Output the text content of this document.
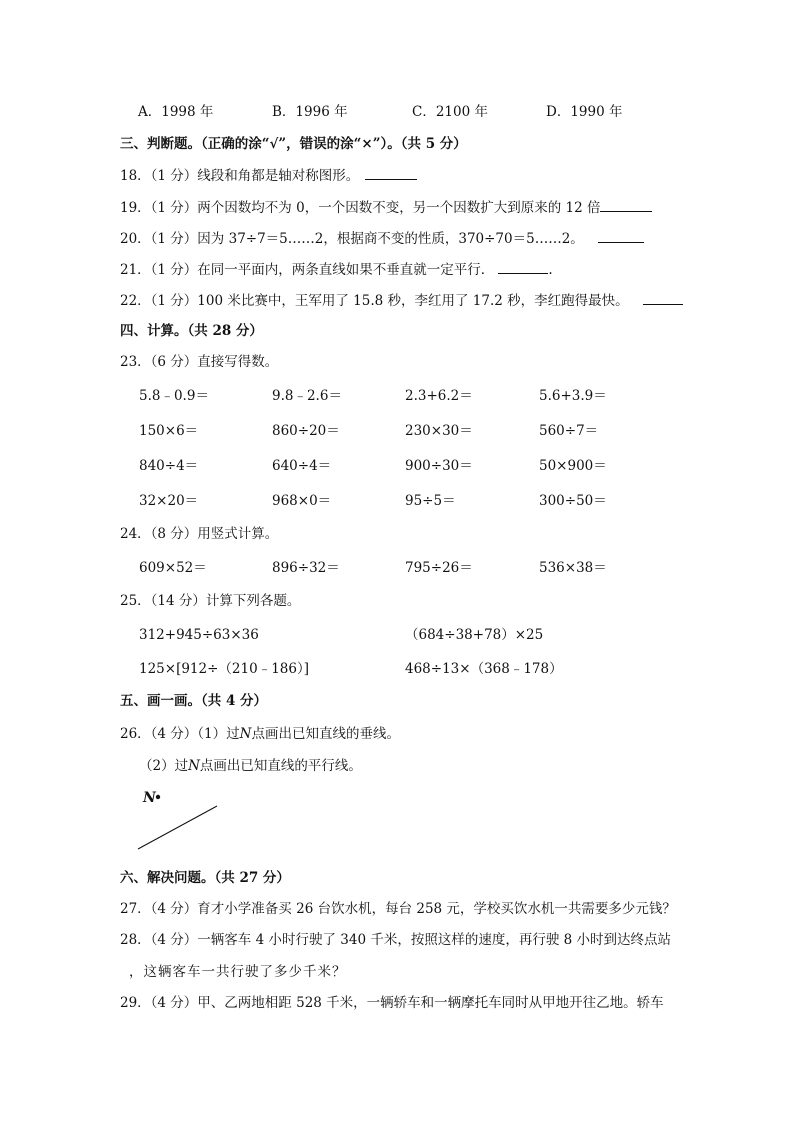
A．1998 年	B．1996 年	C．2100 年	D．1990 年
三、判断题。（正确的涂“√”，错误的涂“×”）。（共 5 分）
18．（1 分）线段和角都是轴对称图形。
19．（1 分）两个因数均不为 0，一个因数不变，另一个因数扩大到原来的 12 倍
20．（1 分）因为 37÷7＝5……2，根据商不变的性质，370÷70＝5……2。
21．（1 分）在同一平面内，两条直线如果不垂直就一定平行．	.
22．（1 分）100 米比赛中，王军用了 15.8 秒，李红用了 17.2 秒，李红跑得最快。
四、计算。（共 28 分）
23．（6 分）直接写得数。
5.8﹣0.9＝	9.8﹣2.6＝	2.3+6.2＝	5.6+3.9＝
150×6＝	860÷20＝	230×30＝	560÷7＝
840÷4＝	640÷4＝	900÷30＝	50×900＝
32×20＝	968×0＝	95÷5＝	300÷50＝
24．（8 分）用竖式计算。
609×52＝	896÷32＝	795÷26＝	536×38＝
25．（14 分）计算下列各题。
312+945÷63×36	（684÷38+78）×25
125×[912÷（210﹣186）]	468÷13×（368﹣178）
五、画一画。（共 4 分）
26．（4 分）（1）过N点画出已知直线的垂线。
（2）过N点画出已知直线的平行线。
N
六、解决问题。（共 27 分）
27．（4 分）育才小学准备买 26 台饮水机，每台 258 元，学校买饮水机一共需要多少元钱？
28．（4 分）一辆客车 4 小时行驶了 340 千米，按照这样的速度，再行驶 8 小时到达终点站
，这辆客车一共行驶了多少千米？
29．（4 分）甲、乙两地相距 528 千米，一辆轿车和一辆摩托车同时从甲地开往乙地。轿车
